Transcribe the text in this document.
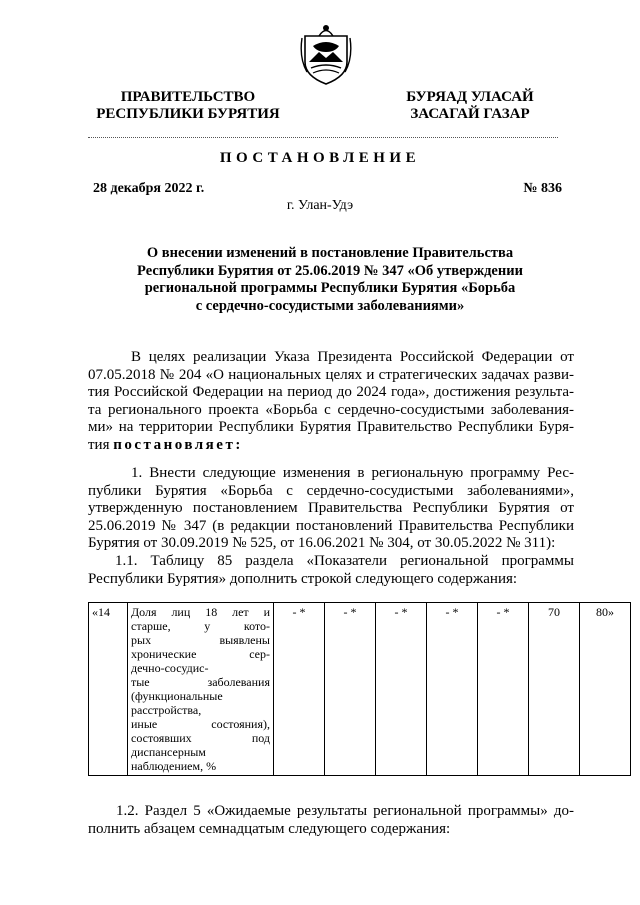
ПРАВИТЕЛЬСТВО
РЕСПУБЛИКИ БУРЯТИЯ
БУРЯАД УЛАСАЙ
ЗАСАГАЙ ГАЗАР
ПОСТАНОВЛЕНИЕ
28 декабря 2022 г.	№ 836
г. Улан-Удэ
О внесении изменений в постановление Правительства
Республики Бурятия от 25.06.2019 № 347 «Об утверждении
региональной программы Республики Бурятия «Борьба
с сердечно-сосудистыми заболеваниями»
В целях реализации Указа Президента Российской Федерации от
07.05.2018 № 204 «О национальных целях и стратегических задачах разви-
тия Российской Федерации на период до 2024 года», достижения результа-
та регионального проекта «Борьба с сердечно-сосудистыми заболевания-
ми» на территории Республики Бурятия Правительство Республики Буря-
тия постановляет:
1. Внести следующие изменения в региональную программу Рес-
публики Бурятия «Борьба с сердечно-сосудистыми заболеваниями»,
утвержденную постановлением Правительства Республики Бурятия от
25.06.2019 № 347 (в редакции постановлений Правительства Республики
Бурятия от 30.09.2019 № 525, от 16.06.2021 № 304, от 30.05.2022 № 311):
1.1. Таблицу 85 раздела «Показатели региональной программы
Республики Бурятия» дополнить строкой следующего содержания:
«14	Доля лиц 18 лет и
старше, у кото-
рых выявлены
хронические сер-
дечно-сосудис-
тые заболевания
(функциональные
расстройства,
иные состояния),
состоявших под
диспансерным
наблюдением, %
	- *	- *	- *	- *	- *	70	80»
1.2. Раздел 5 «Ожидаемые результаты региональной программы» до-
полнить абзацем семнадцатым следующего содержания:
